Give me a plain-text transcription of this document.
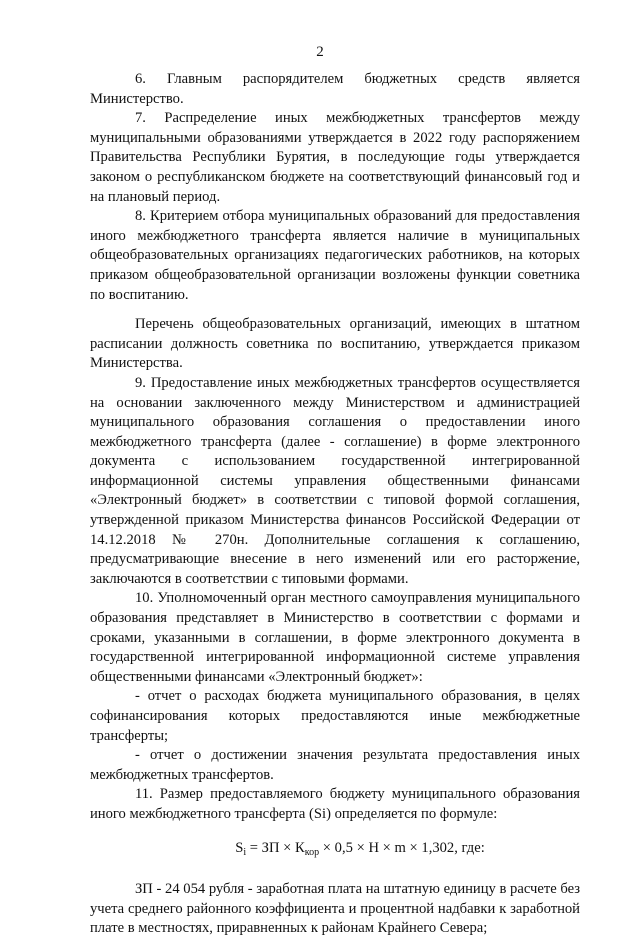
2

6. Главным распорядителем бюджетных средств является Министерство.

7. Распределение иных межбюджетных трансфертов между муниципальными образованиями утверждается в 2022 году распоряжением Правительства Республики Бурятия, в последующие годы утверждается законом о республиканском бюджете на соответствующий финансовый год и на плановый период.

8. Критерием отбора муниципальных образований для предоставления иного межбюджетного трансферта является наличие в муниципальных общеобразовательных организациях педагогических работников, на которых приказом общеобразовательной организации возложены функции советника по воспитанию.

Перечень общеобразовательных организаций, имеющих в штатном расписании должность советника по воспитанию, утверждается приказом Министерства.

9. Предоставление иных межбюджетных трансфертов осуществляется на основании заключенного между Министерством и администрацией муниципального образования соглашения о предоставлении иного межбюджетного трансферта (далее - соглашение) в форме электронного документа с использованием государственной интегрированной информационной системы управления общественными финансами «Электронный бюджет» в соответствии с типовой формой соглашения, утвержденной приказом Министерства финансов Российской Федерации от 14.12.2018 № 270н. Дополнительные соглашения к соглашению, предусматривающие внесение в него изменений или его расторжение, заключаются в соответствии с типовыми формами.

10. Уполномоченный орган местного самоуправления муниципального образования представляет в Министерство в соответствии с формами и сроками, указанными в соглашении, в форме электронного документа в государственной интегрированной информационной системе управления общественными финансами «Электронный бюджет»:

- отчет о расходах бюджета муниципального образования, в целях софинансирования которых предоставляются иные межбюджетные трансферты;

- отчет о достижении значения результата предоставления иных межбюджетных трансфертов.

11. Размер предоставляемого бюджету муниципального образования иного межбюджетного трансферта (Si) определяется по формуле:

$S_i$ = ЗП × $К_{кор} \times 0,5 \times Н \times m \times 1,302$, где:

ЗП - 24 054 рубля - заработная плата на штатную единицу в расчете без учета среднего районного коэффициента и процентной надбавки к заработной плате в местностях, приравненных к районам Крайнего Севера;
